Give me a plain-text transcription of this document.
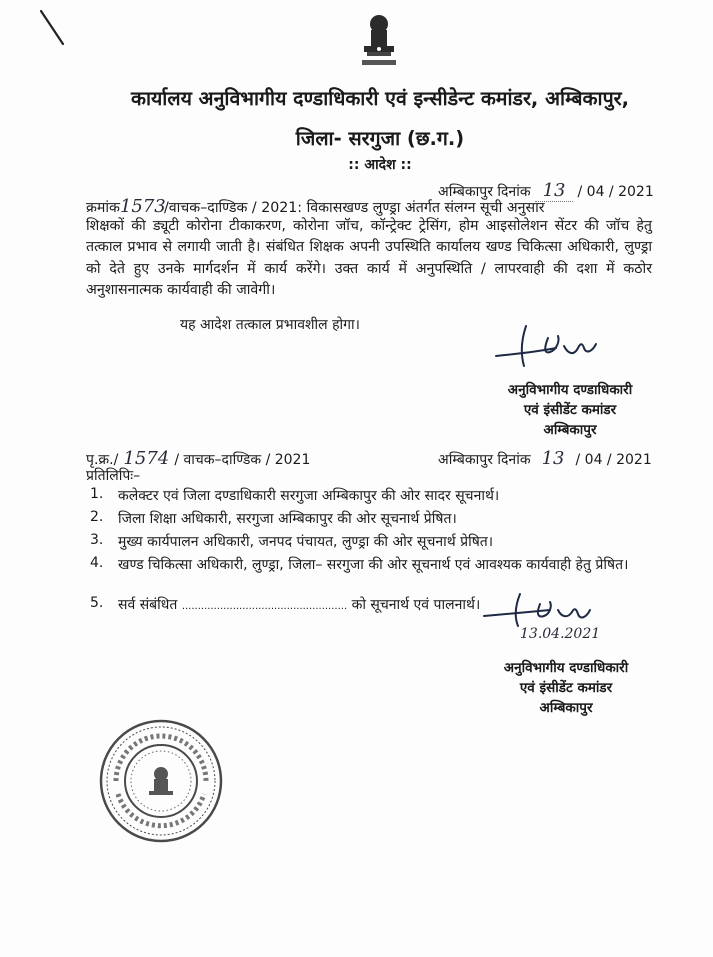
कार्यालय अनुविभागीय दण्डाधिकारी एवं इन्सीडेन्ट कमांडर, अम्बिकापुर,
जिला- सरगुजा (छ.ग.)
:: आदेश ::
अम्बिकापुर दिनांक 13 / 04 / 2021
क्रमांक1573/वाचक–दाण्डिक / 2021: विकासखण्ड लुण्ड्रा अंतर्गत संलग्न सूची अनुसार
शिक्षकों की ड्यूटी कोरोना टीकाकरण, कोरोना जॉच, कॉन्ट्रेक्ट ट्रेसिंग, होम आइसोलेशन सेंटर की जॉच हेतु तत्काल प्रभाव से लगायी जाती है। संबंधित शिक्षक अपनी उपस्थिति कार्यालय खण्ड चिकित्सा अधिकारी, लुण्ड्रा को देते हुए उनके मार्गदर्शन में कार्य करेंगे। उक्त कार्य में अनुपस्थिति / लापरवाही की दशा में कठोर अनुशासनात्मक कार्यवाही की जावेगी।
यह आदेश तत्काल प्रभावशील होगा।
अनुविभागीय दण्डाधिकारी
एवं इंसीडेंट कमांडर
अम्बिकापुर
पृ.क्र./ 1574 / वाचक–दाण्डिक / 2021	अम्बिकापुर दिनांक 13 / 04 / 2021
प्रतिलिपिः–
1. कलेक्टर एवं जिला दण्डाधिकारी सरगुजा अम्बिकापुर की ओर सादर सूचनार्थ।
2. जिला शिक्षा अधिकारी, सरगुजा अम्बिकापुर की ओर सूचनार्थ प्रेषित।
3. मुख्य कार्यपालन अधिकारी, जनपद पंचायत, लुण्ड्रा की ओर सूचनार्थ प्रेषित।
4. खण्ड चिकित्सा अधिकारी, लुण्ड्रा, जिला– सरगुजा की ओर सूचनार्थ एवं आवश्यक कार्यवाही हेतु प्रेषित।
5. सर्व संबंधित .................................................... को सूचनार्थ एवं पालनार्थ।
13.04.2021
अनुविभागीय दण्डाधिकारी
एवं इंसीडेंट कमांडर
अम्बिकापुर
